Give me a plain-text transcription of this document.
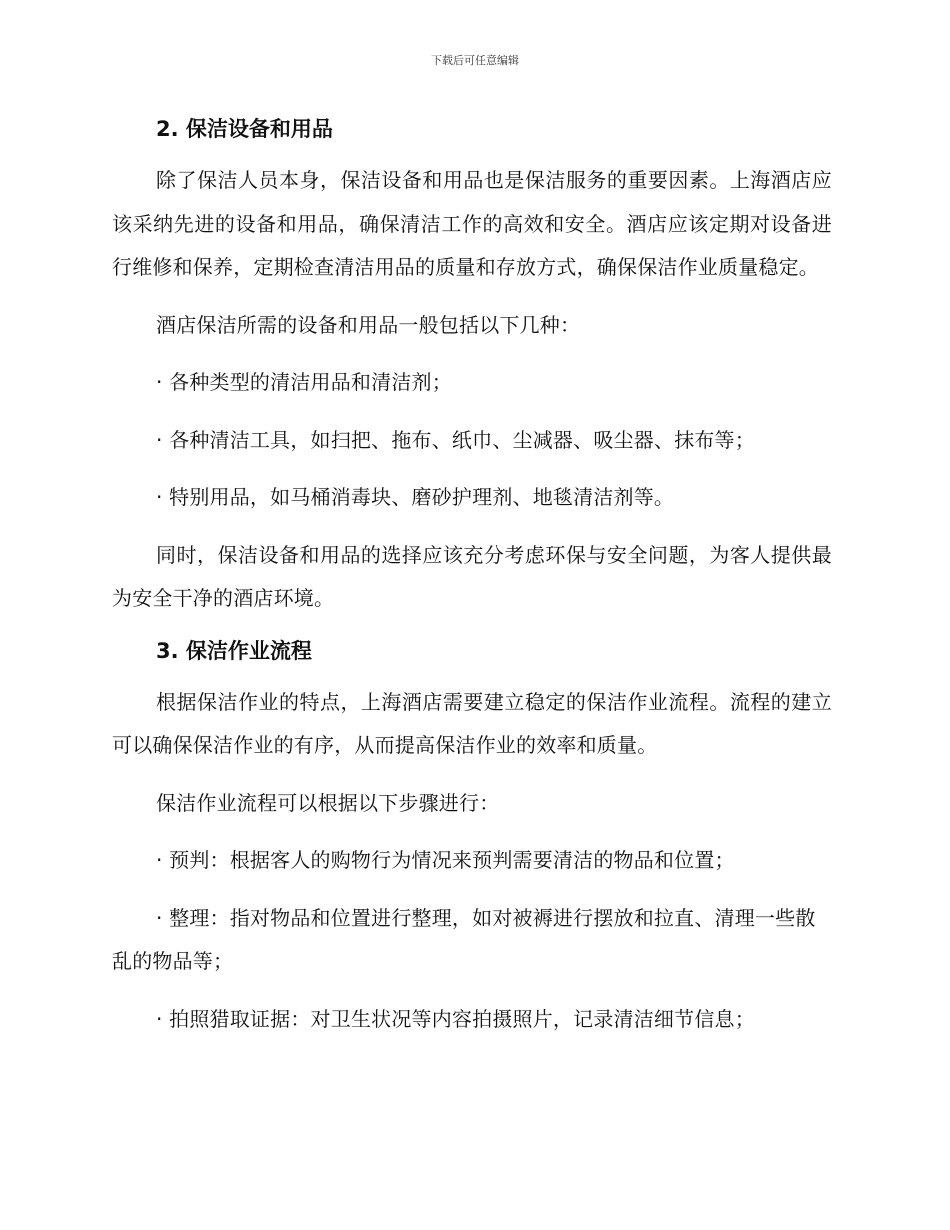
下载后可任意编辑
2. 保洁设备和用品

除了保洁人员本身，保洁设备和用品也是保洁服务的重要因素。上海酒店应该采纳先进的设备和用品，确保清洁工作的高效和安全。酒店应该定期对设备进行维修和保养，定期检查清洁用品的质量和存放方式，确保保洁作业质量稳定。

酒店保洁所需的设备和用品一般包括以下几种：

· 各种类型的清洁用品和清洁剂；

· 各种清洁工具，如扫把、拖布、纸巾、尘减器、吸尘器、抹布等；

· 特别用品，如马桶消毒块、磨砂护理剂、地毯清洁剂等。

同时，保洁设备和用品的选择应该充分考虑环保与安全问题，为客人提供最为安全干净的酒店环境。

3. 保洁作业流程

根据保洁作业的特点，上海酒店需要建立稳定的保洁作业流程。流程的建立可以确保保洁作业的有序，从而提高保洁作业的效率和质量。

保洁作业流程可以根据以下步骤进行：

· 预判：根据客人的购物行为情况来预判需要清洁的物品和位置；

· 整理：指对物品和位置进行整理，如对被褥进行摆放和拉直、清理一些散乱的物品等；

· 拍照猎取证据：对卫生状况等内容拍摄照片，记录清洁细节信息；
